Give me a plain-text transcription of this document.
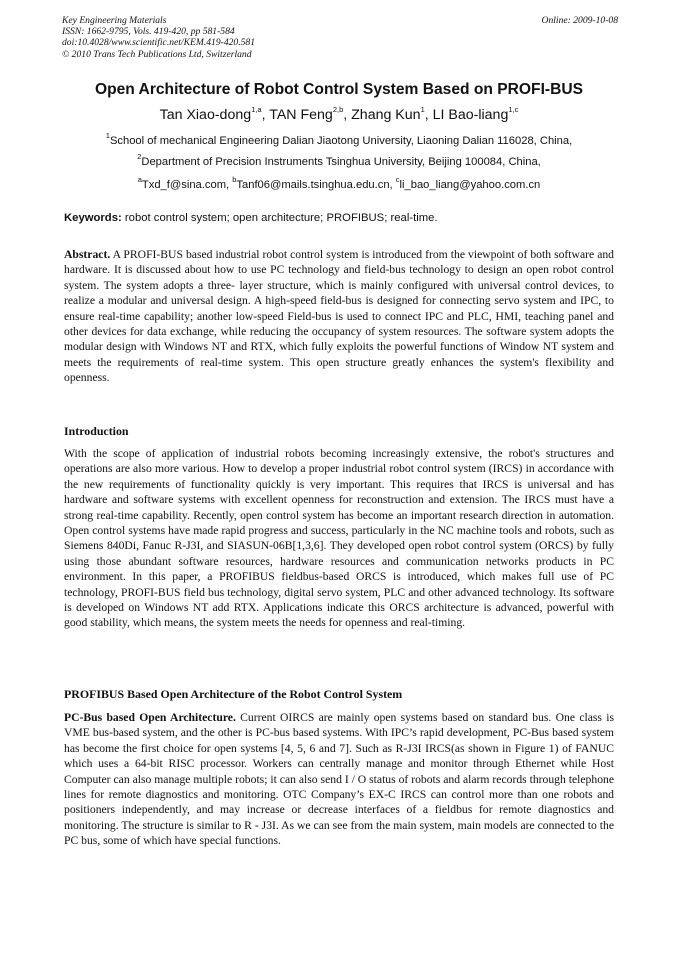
Key Engineering Materials
ISSN: 1662-9795, Vols. 419-420, pp 581-584
doi:10.4028/www.scientific.net/KEM.419-420.581
© 2010 Trans Tech Publications Ltd, Switzerland
Online: 2009-10-08
Open Architecture of Robot Control System Based on PROFI-BUS
Tan Xiao-dong$^{1,a}$, TAN Feng$^{2,b}$, Zhang Kun$^1$, LI Bao-liang$^{1,c}$
$^1$School of mechanical Engineering Dalian Jiaotong University, Liaoning Dalian 116028, China,
$^2$Department of Precision Instruments Tsinghua University, Beijing 100084, China,
$^a$Txd_f@sina.com, $^b$Tanf06@mails.tsinghua.edu.cn, $^c$li_bao_liang@yahoo.com.cn
Keywords: robot control system; open architecture; PROFIBUS; real-time.
Abstract. A PROFI-BUS based industrial robot control system is introduced from the viewpoint of both software and hardware. It is discussed about how to use PC technology and field-bus technology to design an open robot control system. The system adopts a three- layer structure, which is mainly configured with universal control devices, to realize a modular and universal design. A high-speed field-bus is designed for connecting servo system and IPC, to ensure real-time capability; another low-speed Field-bus is used to connect IPC and PLC, HMI, teaching panel and other devices for data exchange, while reducing the occupancy of system resources. The software system adopts the modular design with Windows NT and RTX, which fully exploits the powerful functions of Window NT system and meets the requirements of real-time system. This open structure greatly enhances the system's flexibility and openness.
Introduction
With the scope of application of industrial robots becoming increasingly extensive, the robot's structures and operations are also more various. How to develop a proper industrial robot control system (IRCS) in accordance with the new requirements of functionality quickly is very important. This requires that IRCS is universal and has hardware and software systems with excellent openness for reconstruction and extension. The IRCS must have a strong real-time capability. Recently, open control system has become an important research direction in automation. Open control systems have made rapid progress and success, particularly in the NC machine tools and robots, such as Siemens 840Di, Fanuc R-J3I, and SIASUN-06B[1,3,6]. They developed open robot control system (ORCS) by fully using those abundant software resources, hardware resources and communication networks products in PC environment. In this paper, a PROFIBUS fieldbus-based ORCS is introduced, which makes full use of PC technology, PROFI-BUS field bus technology, digital servo system, PLC and other advanced technology. Its software is developed on Windows NT add RTX. Applications indicate this ORCS architecture is advanced, powerful with good stability, which means, the system meets the needs for openness and real-timing.
PROFIBUS Based Open Architecture of the Robot Control System
PC-Bus based Open Architecture. Current OIRCS are mainly open systems based on standard bus. One class is VME bus-based system, and the other is PC-bus based systems. With IPC’s rapid development, PC-Bus based system has become the first choice for open systems [4, 5, 6 and 7]. Such as R-J3I IRCS(as shown in Figure 1) of FANUC which uses a 64-bit RISC processor. Workers can centrally manage and monitor through Ethernet while Host Computer can also manage multiple robots; it can also send I / O status of robots and alarm records through telephone lines for remote diagnostics and monitoring. OTC Company’s EX-C IRCS can control more than one robots and positioners independently, and may increase or decrease interfaces of a fieldbus for remote diagnostics and monitoring. The structure is similar to R - J3I. As we can see from the main system, main models are connected to the PC bus, some of which have special functions.
